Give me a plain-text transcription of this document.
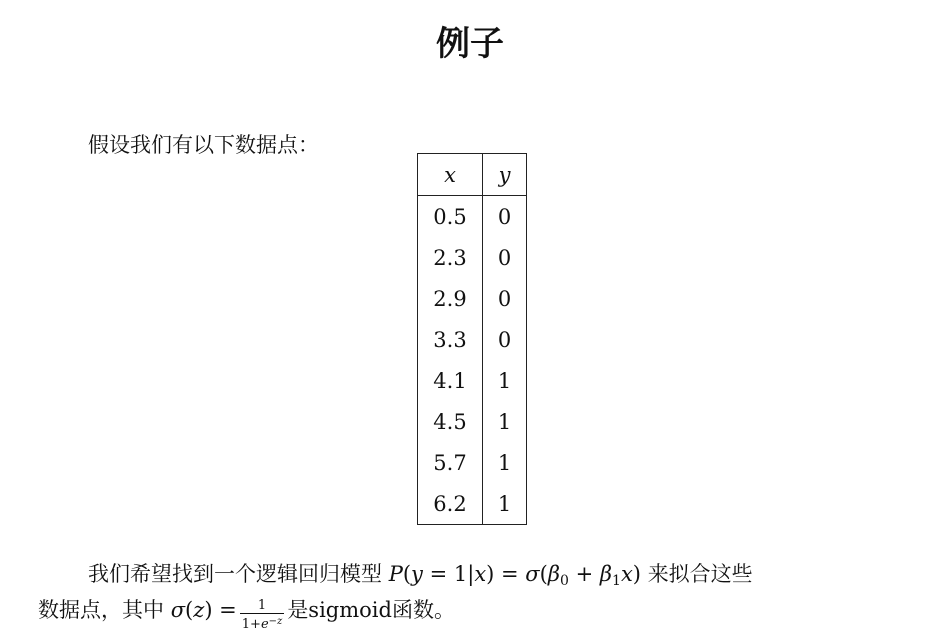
例子
假设我们有以下数据点：
x	y
0.5	0
2.3	0
2.9	0
3.3	0
4.1	1
4.5	1
5.7	1
6.2	1
我们希望找到一个逻辑回归模型 $P(y = 1|x) = \sigma(\beta_0 + \beta_1x)$ 来拟合这些
数据点，其中 $\sigma(z) = \frac{1}{1+e^{-z}}$ 是sigmoid函数。
